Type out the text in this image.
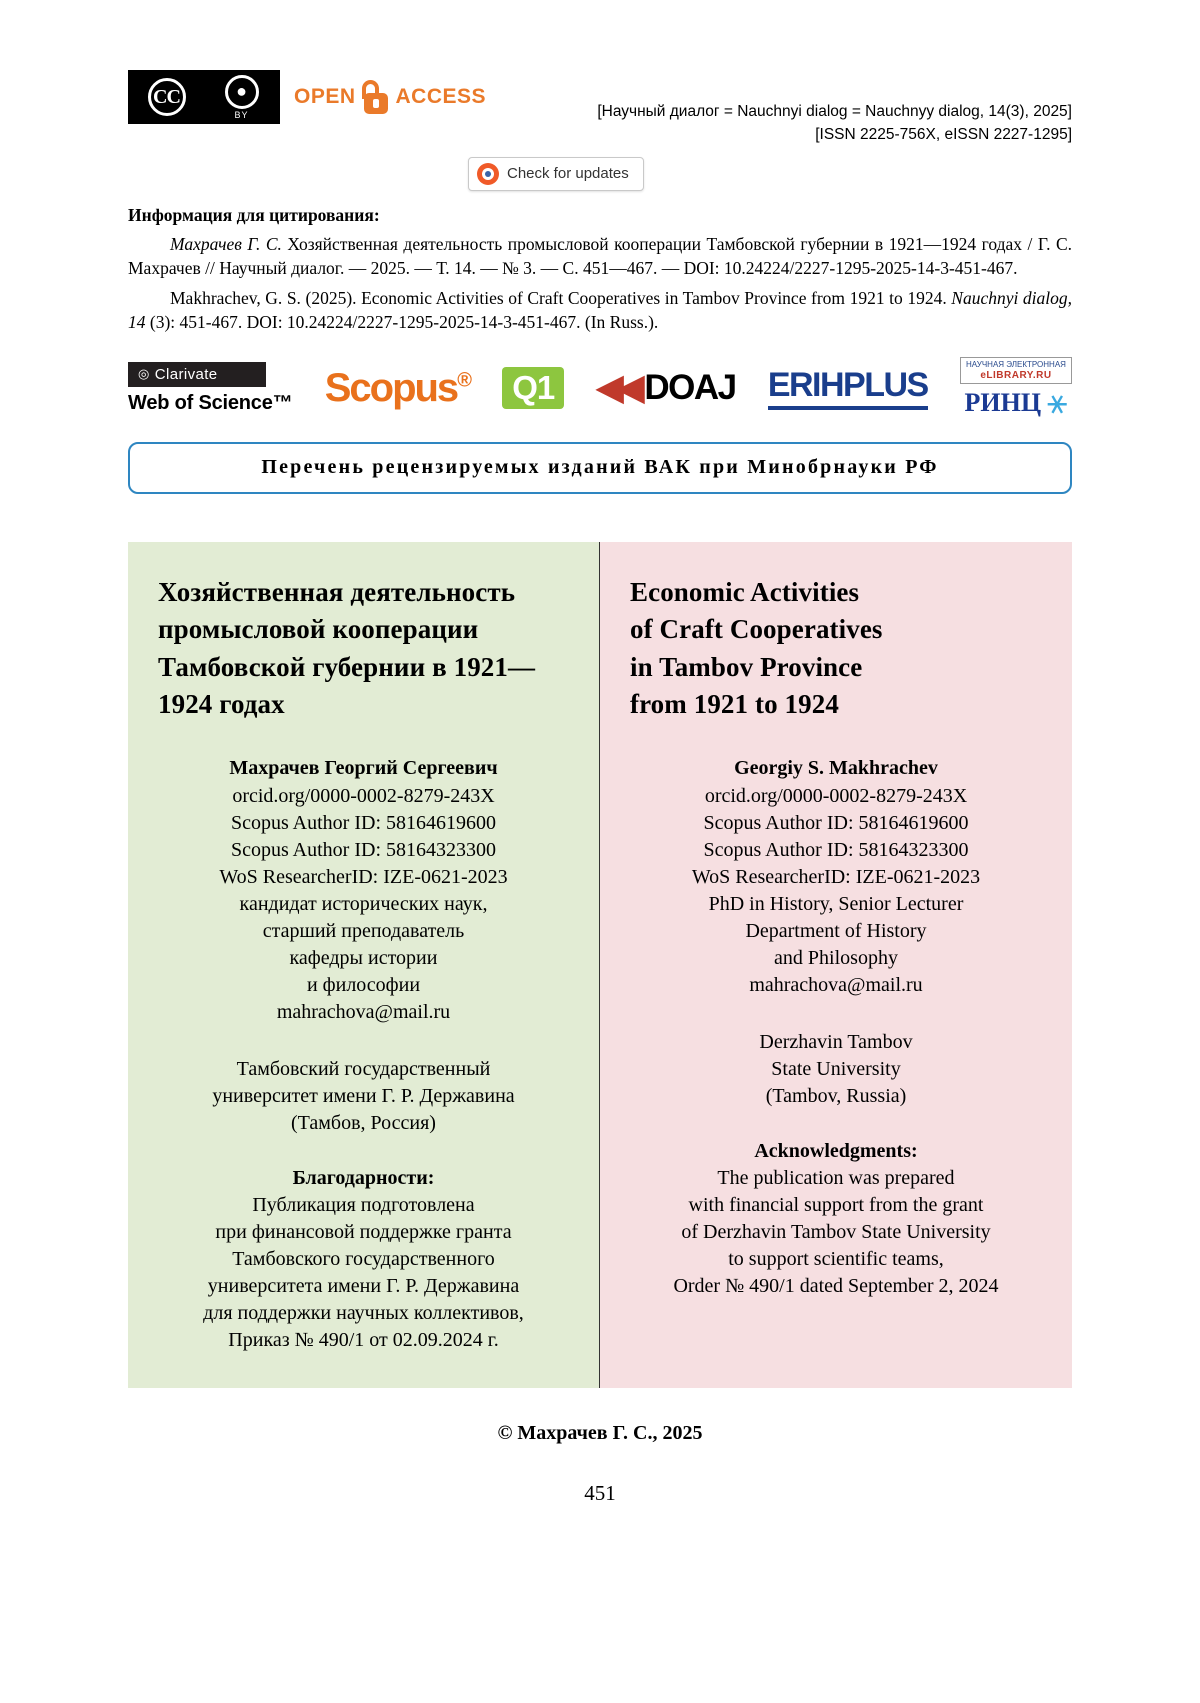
CC	●
BY
OPEN ACCESS
[Научный диалог = Nauchnyi dialog = Nauchnyy dialog, 14(3), 2025]
[ISSN 2225-756X, eISSN 2227-1295]
Check for updates
Информация для цитирования:
Махрачев Г. С. Хозяйственная деятельность промысловой кооперации Тамбовской губернии в 1921—1924 годах / Г. С. Махрачев // Научный диалог. — 2025. — Т. 14. — № 3. — С. 451—467. — DOI: 10.24224/2227-1295-2025-14-3-451-467.
Makhrachev, G. S. (2025). Economic Activities of Craft Cooperatives in Tambov Province from 1921 to 1924. Nauchnyi dialog, 14 (3): 451-467. DOI: 10.24224/2227-1295-2025-14-3-451-467. (In Russ.).
◎ Clarivate
Web of Science™ Scopus®	Q1 ◀◀ DOAJ ERIHPLUS
НАУЧНАЯ ЭЛЕКТРОННАЯ
eLIBRARY.RU
РИНЦ ⚹
Перечень рецензируемых изданий ВАК при Минобрнауки РФ
Хозяйственная деятельность промысловой кооперации Тамбовской губернии в 1921—1924 годах
Махрачев Георгий Сергеевич
orcid.org/0000-0002-8279-243X
Scopus Author ID: 58164619600
Scopus Author ID: 58164323300
WoS ResearcherID: IZE-0621-2023
кандидат исторических наук,
старший преподаватель
кафедры истории
и философии
mahrachova@mail.ru
Тамбовский государственный
университет имени Г. Р. Державина
(Тамбов, Россия)
Благодарности:
Публикация подготовлена
при финансовой поддержке гранта
Тамбовского государственного
университета имени Г. Р. Державина
для поддержки научных коллективов,
Приказ № 490/1 от 02.09.2024 г.
Economic Activities
of Craft Cooperatives
in Tambov Province
from 1921 to 1924
Georgiy S. Makhrachev
orcid.org/0000-0002-8279-243X
Scopus Author ID: 58164619600
Scopus Author ID: 58164323300
WoS ResearcherID: IZE-0621-2023
PhD in History, Senior Lecturer
Department of History
and Philosophy
mahrachova@mail.ru
Derzhavin Tambov
State University
(Tambov, Russia)
Acknowledgments:
The publication was prepared
with financial support from the grant
of Derzhavin Tambov State University
to support scientific teams,
Order № 490/1 dated September 2, 2024
© Махрачев Г. С., 2025
451
